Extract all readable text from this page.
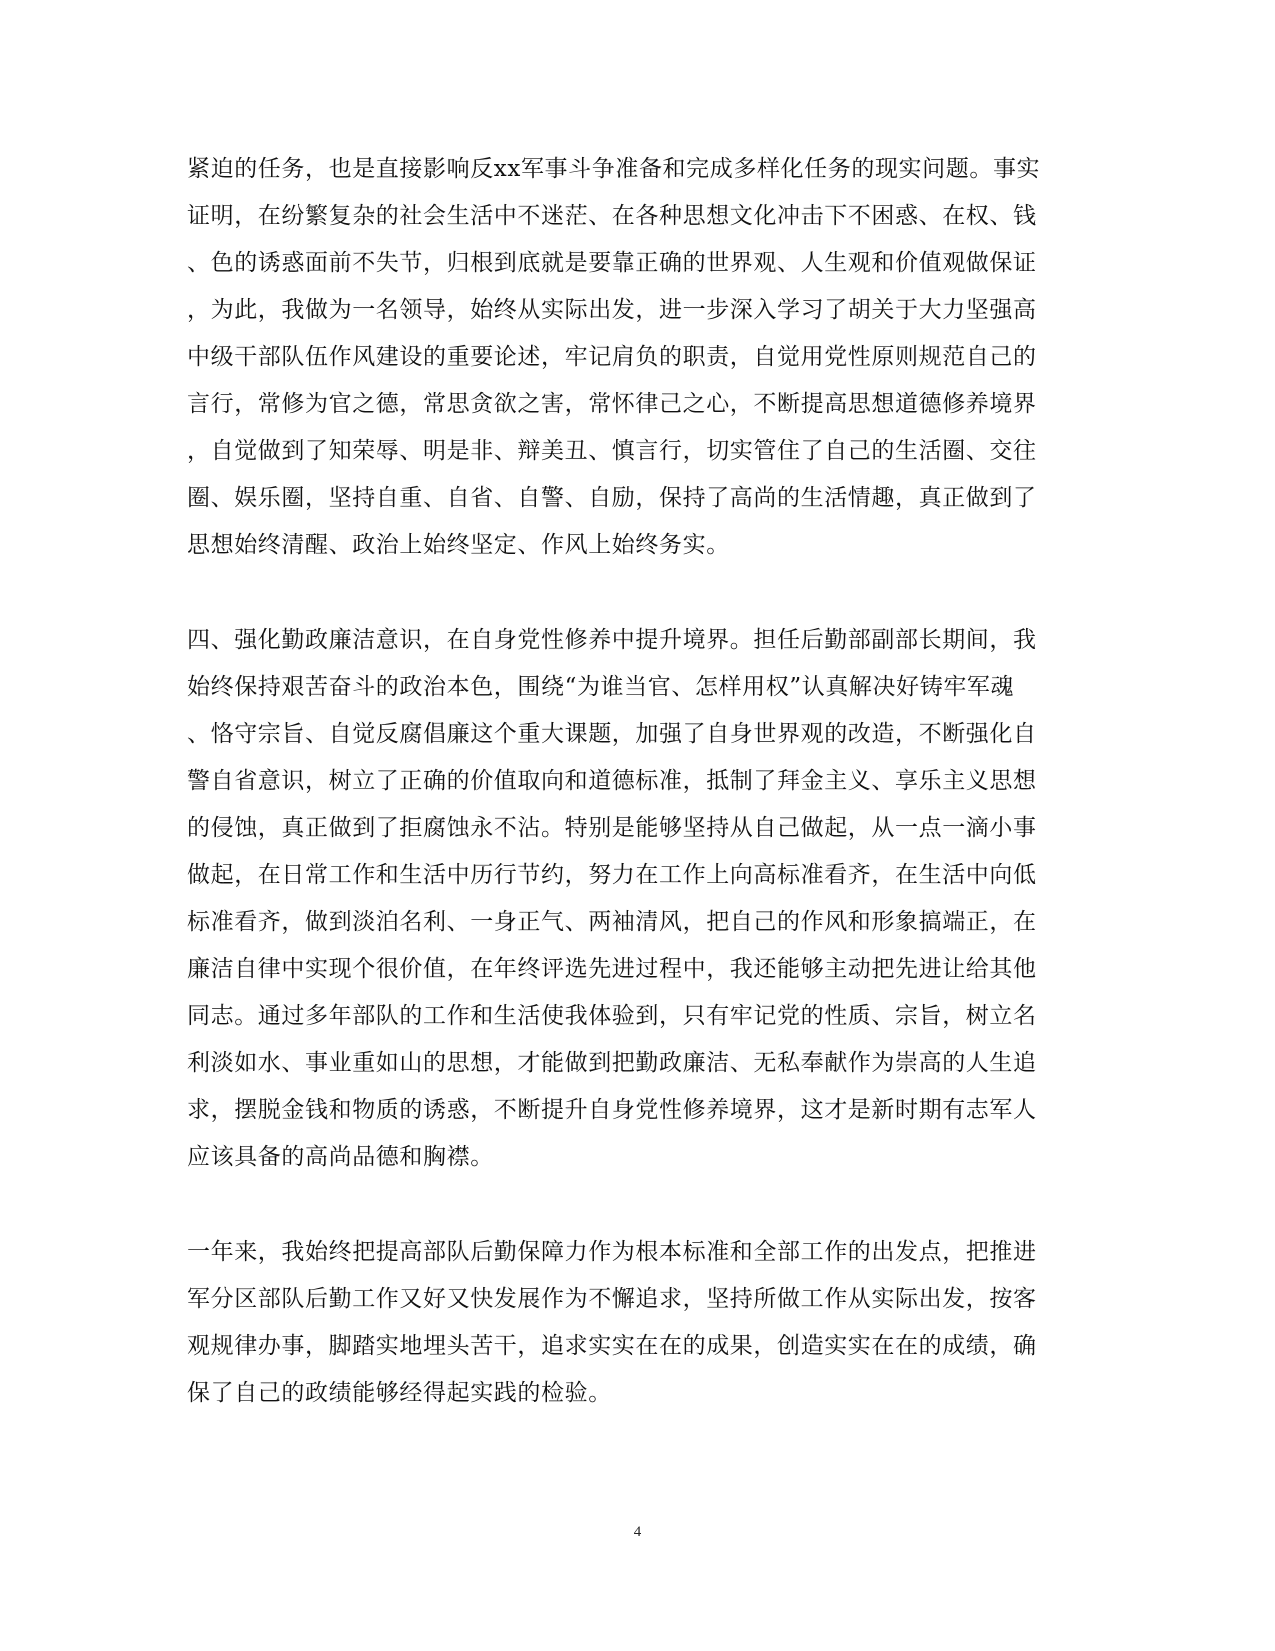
紧迫的任务，也是直接影响反xx军事斗争准备和完成多样化任务的现实问题。事实
证明，在纷繁复杂的社会生活中不迷茫、在各种思想文化冲击下不困惑、在权、钱
、色的诱惑面前不失节，归根到底就是要靠正确的世界观、人生观和价值观做保证
，为此，我做为一名领导，始终从实际出发，进一步深入学习了胡关于大力坚强高
中级干部队伍作风建设的重要论述，牢记肩负的职责，自觉用党性原则规范自己的
言行，常修为官之德，常思贪欲之害，常怀律己之心，不断提高思想道德修养境界
，自觉做到了知荣辱、明是非、辩美丑、慎言行，切实管住了自己的生活圈、交往
圈、娱乐圈，坚持自重、自省、自警、自励，保持了高尚的生活情趣，真正做到了
思想始终清醒、政治上始终坚定、作风上始终务实。
四、强化勤政廉洁意识，在自身党性修养中提升境界。担任后勤部副部长期间，我
始终保持艰苦奋斗的政治本色，围绕“为谁当官、怎样用权”认真解决好铸牢军魂
、恪守宗旨、自觉反腐倡廉这个重大课题，加强了自身世界观的改造，不断强化自
警自省意识，树立了正确的价值取向和道德标准，抵制了拜金主义、享乐主义思想
的侵蚀，真正做到了拒腐蚀永不沾。特别是能够坚持从自己做起，从一点一滴小事
做起，在日常工作和生活中历行节约，努力在工作上向高标准看齐，在生活中向低
标准看齐，做到淡泊名利、一身正气、两袖清风，把自己的作风和形象搞端正，在
廉洁自律中实现个很价值，在年终评选先进过程中，我还能够主动把先进让给其他
同志。通过多年部队的工作和生活使我体验到，只有牢记党的性质、宗旨，树立名
利淡如水、事业重如山的思想，才能做到把勤政廉洁、无私奉献作为崇高的人生追
求，摆脱金钱和物质的诱惑，不断提升自身党性修养境界，这才是新时期有志军人
应该具备的高尚品德和胸襟。
一年来，我始终把提高部队后勤保障力作为根本标准和全部工作的出发点，把推进
军分区部队后勤工作又好又快发展作为不懈追求，坚持所做工作从实际出发，按客
观规律办事，脚踏实地埋头苦干，追求实实在在的成果，创造实实在在的成绩，确
保了自己的政绩能够经得起实践的检验。
4
